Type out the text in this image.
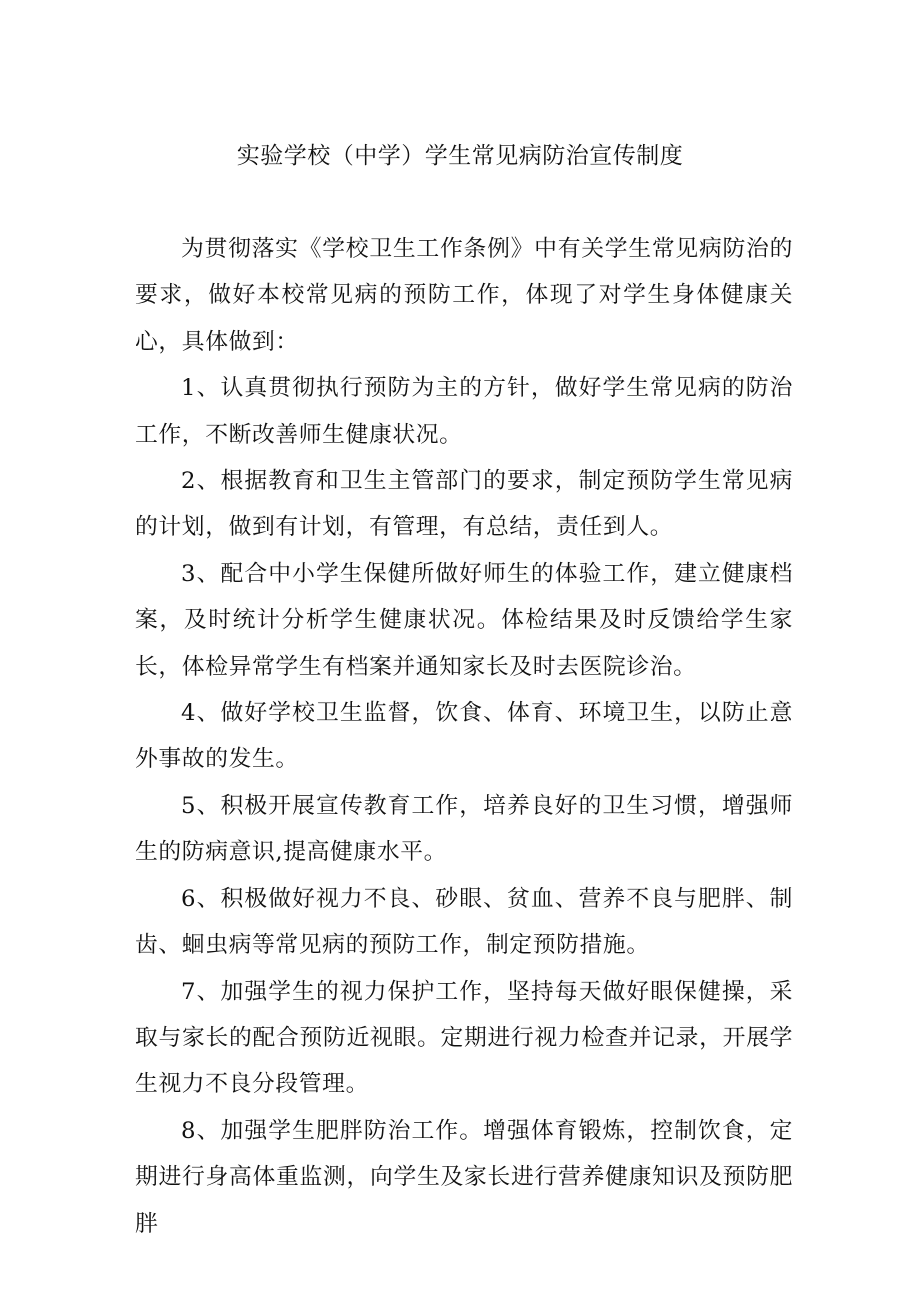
实验学校（中学）学生常见病防治宣传制度

为贯彻落实《学校卫生工作条例》中有关学生常见病防治的要求，做好本校常见病的预防工作，体现了对学生身体健康关心，具体做到：

1、认真贯彻执行预防为主的方针，做好学生常见病的防治工作，不断改善师生健康状况。

2、根据教育和卫生主管部门的要求，制定预防学生常见病的计划，做到有计划，有管理，有总结，责任到人。

3、配合中小学生保健所做好师生的体验工作，建立健康档案，及时统计分析学生健康状况。体检结果及时反馈给学生家长，体检异常学生有档案并通知家长及时去医院诊治。

4、做好学校卫生监督，饮食、体育、环境卫生，以防止意外事故的发生。

5、积极开展宣传教育工作，培养良好的卫生习惯，增强师生的防病意识,提高健康水平。

6、积极做好视力不良、砂眼、贫血、营养不良与肥胖、制齿、蛔虫病等常见病的预防工作，制定预防措施。

7、加强学生的视力保护工作，坚持每天做好眼保健操，采取与家长的配合预防近视眼。定期进行视力检查并记录，开展学生视力不良分段管理。

8、加强学生肥胖防治工作。增强体育锻炼，控制饮食，定期进行身高体重监测，向学生及家长进行营养健康知识及预防肥胖
